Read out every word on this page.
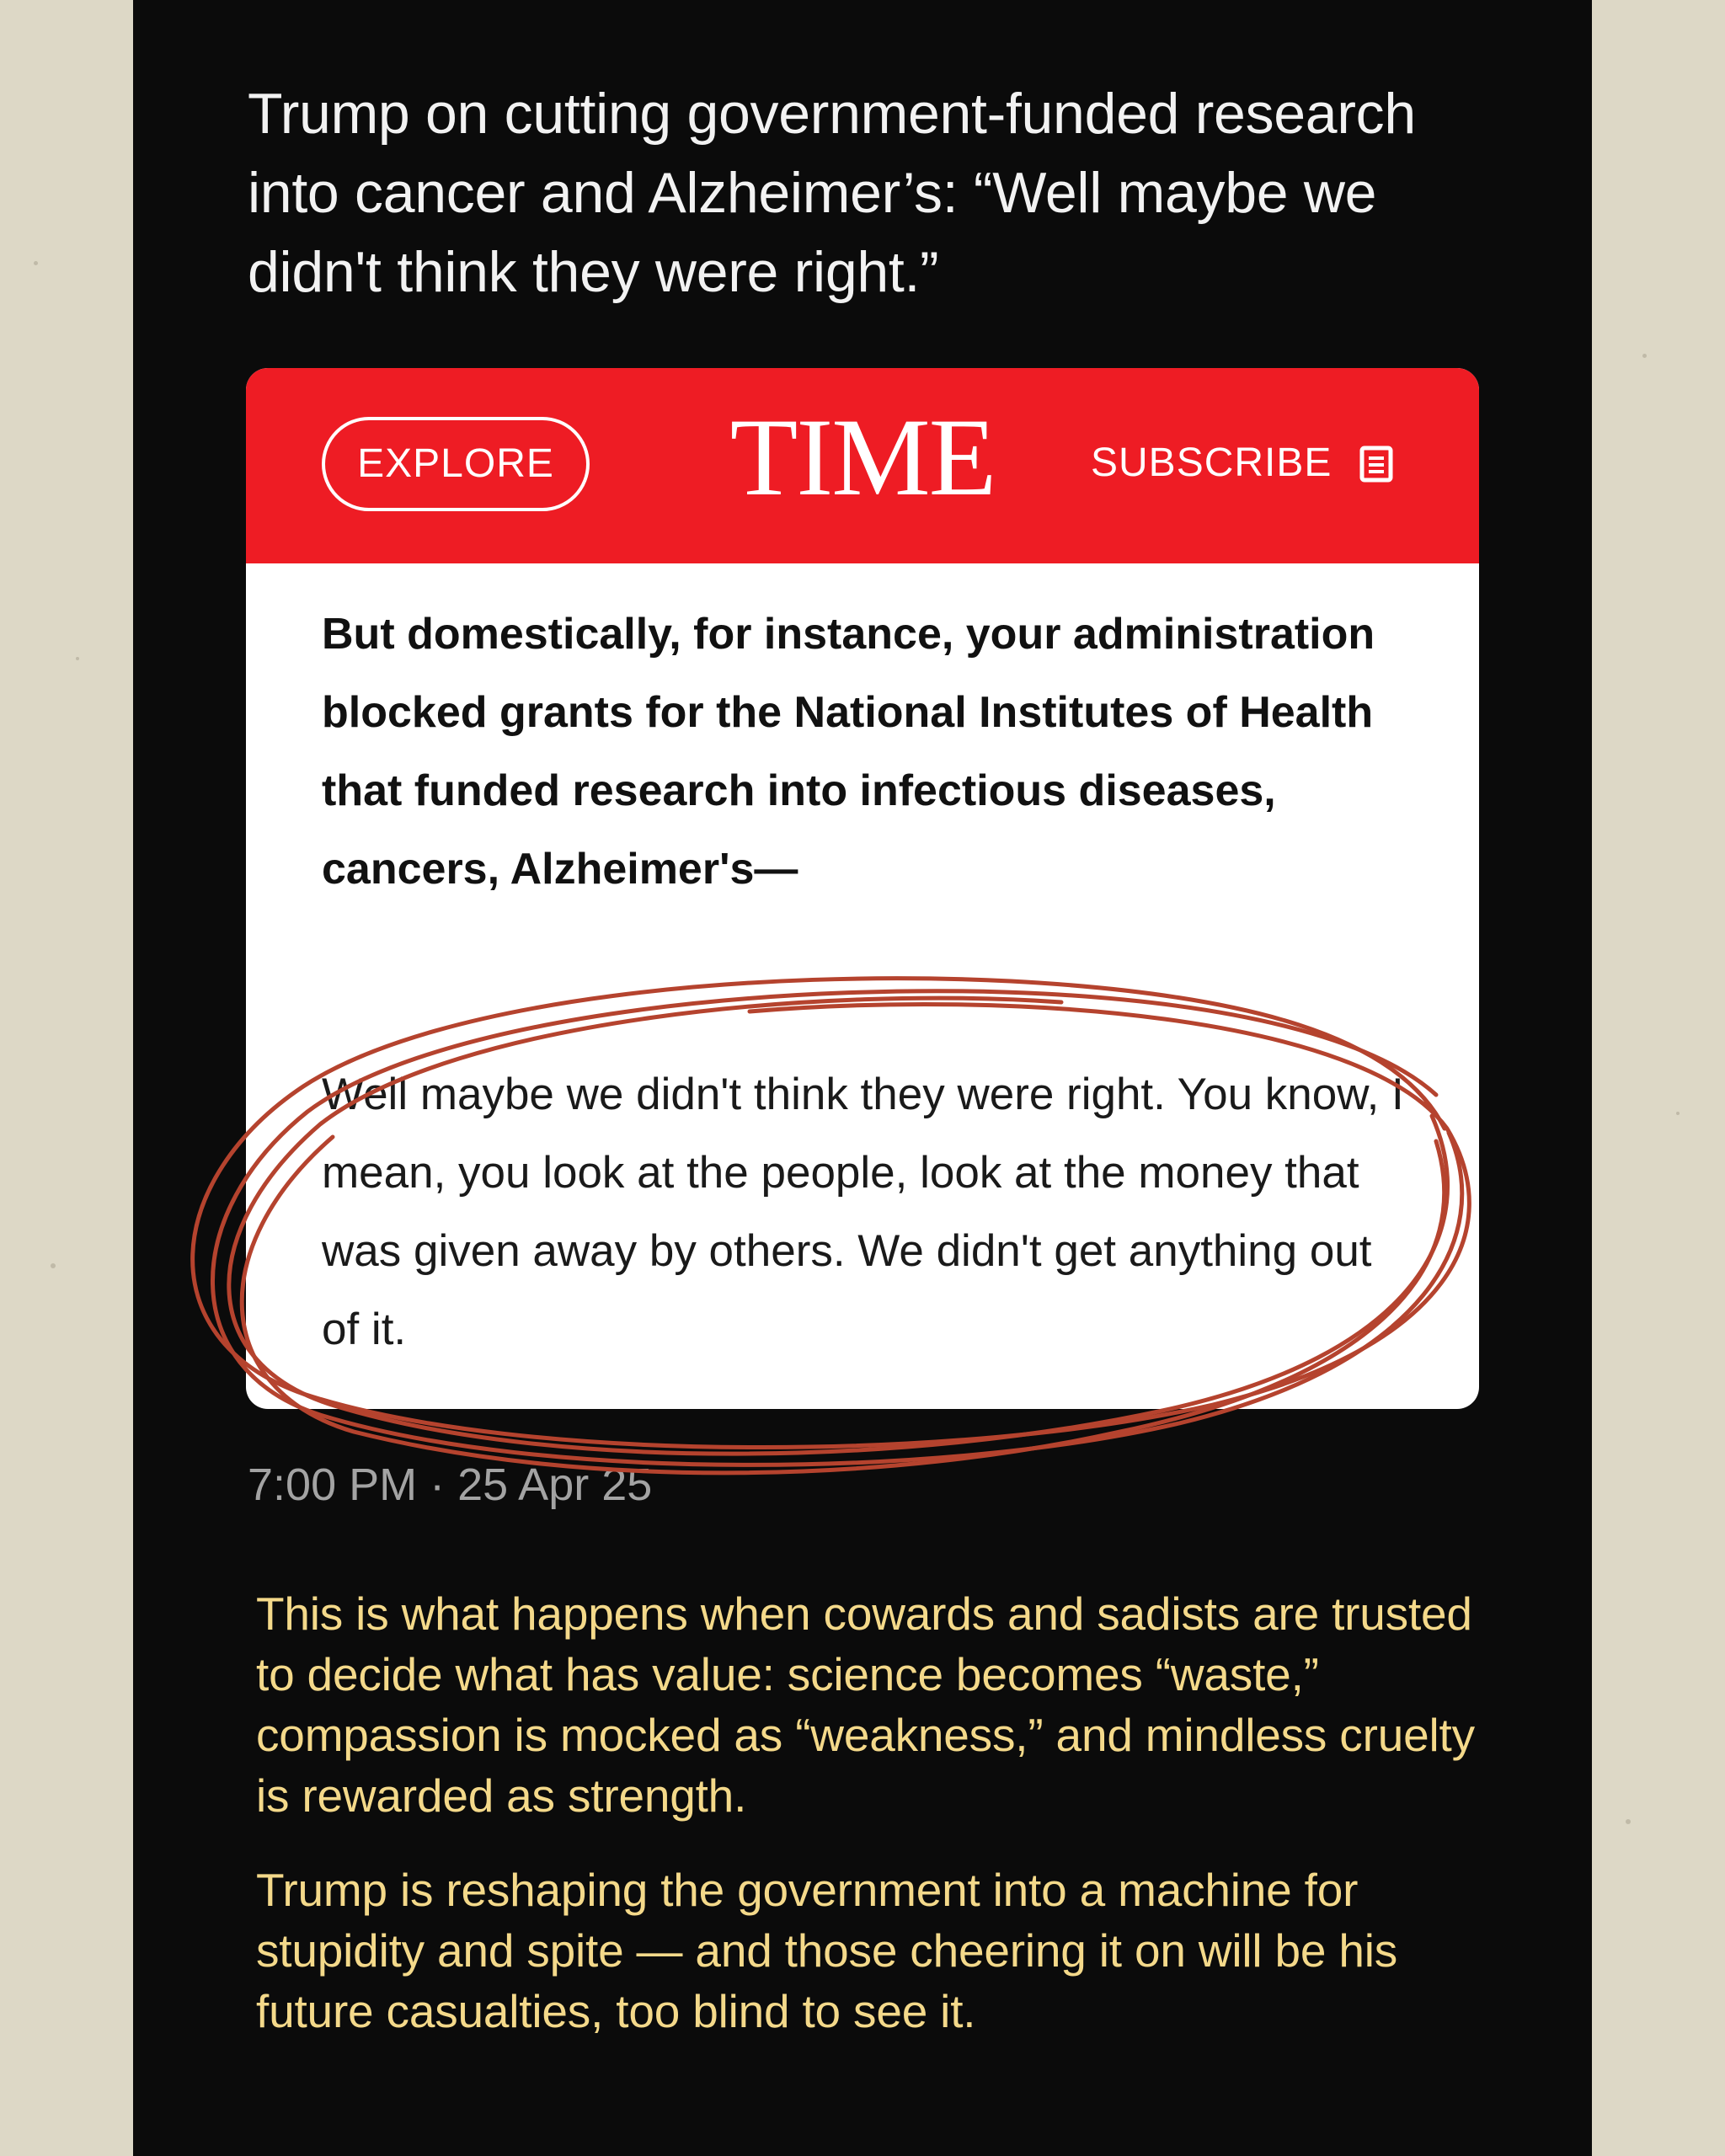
Trump on cutting government-funded research into cancer and Alzheimer’s: “Well maybe we didn't think they were right.”

EXPLORE	TIME SUBSCRIBE

But domestically, for instance, your administration blocked grants for the National Institutes of Health that funded research into infectious diseases, cancers, Alzheimer's—

Well maybe we didn't think they were right. You know, I mean, you look at the people, look at the money that was given away by others. We didn't get anything out of it.

7:00 PM · 25 Apr 25

This is what happens when cowards and sadists are trusted to decide what has value: science becomes “waste,” compassion is mocked as “weakness,” and mindless cruelty is rewarded as strength.

Trump is reshaping the government into a machine for stupidity and spite — and those cheering it on will be his future casualties, too blind to see it.
